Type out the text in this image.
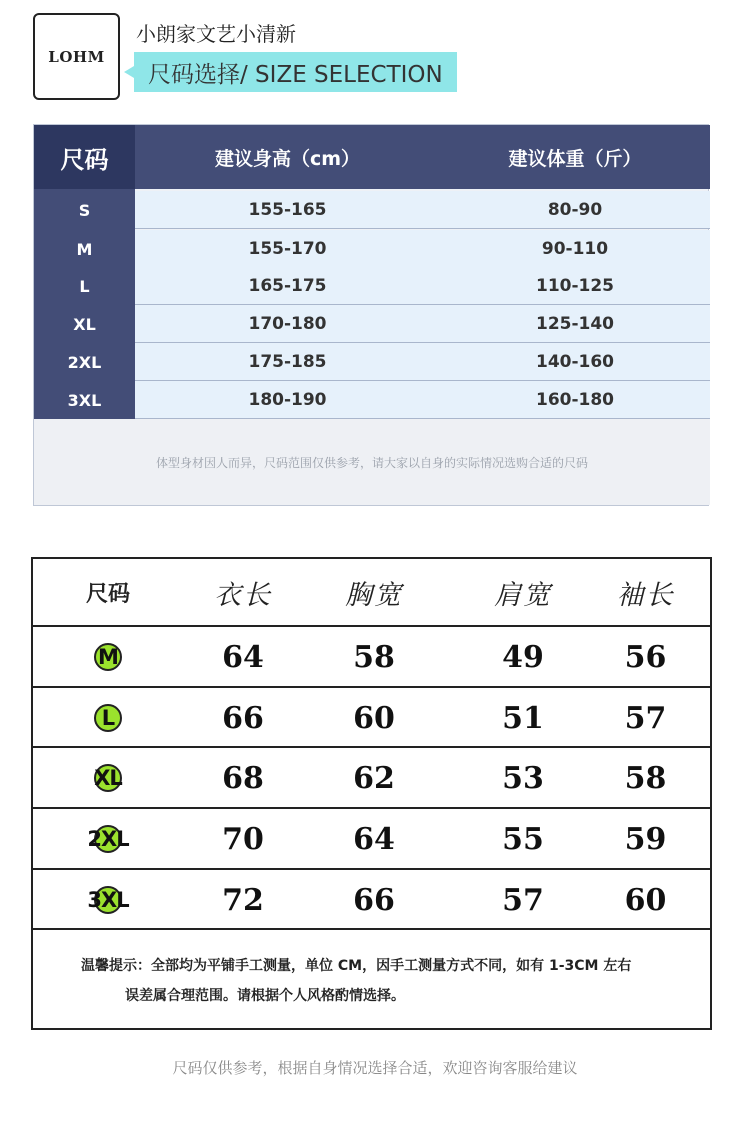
LOHM
小朗家文艺小清新
尺码选择/ SIZE SELECTION
尺码	建议身高（cm）	建议体重（斤）
S	155-165	80-90
M	155-170	90-110
L	165-175	110-125
XL	170-180	125-140
2XL	175-185	140-160
3XL	180-190	160-180
体型身材因人而异，尺码范围仅供参考，请大家以自身的实际情况选购合适的尺码
尺码	衣长	胸宽	肩宽	袖长
M	64	58	49	56
L	66	60	51	57
XL	68	62	53	58
2XL	70	64	55	59
3XL	72	66	57	60
温馨提示：全部均为平铺手工测量，单位 CM，因手工测量方式不同，如有 1-3CM 左右
误差属合理范围。请根据个人风格酌情选择。
尺码仅供参考，根据自身情况选择合适，欢迎咨询客服给建议
